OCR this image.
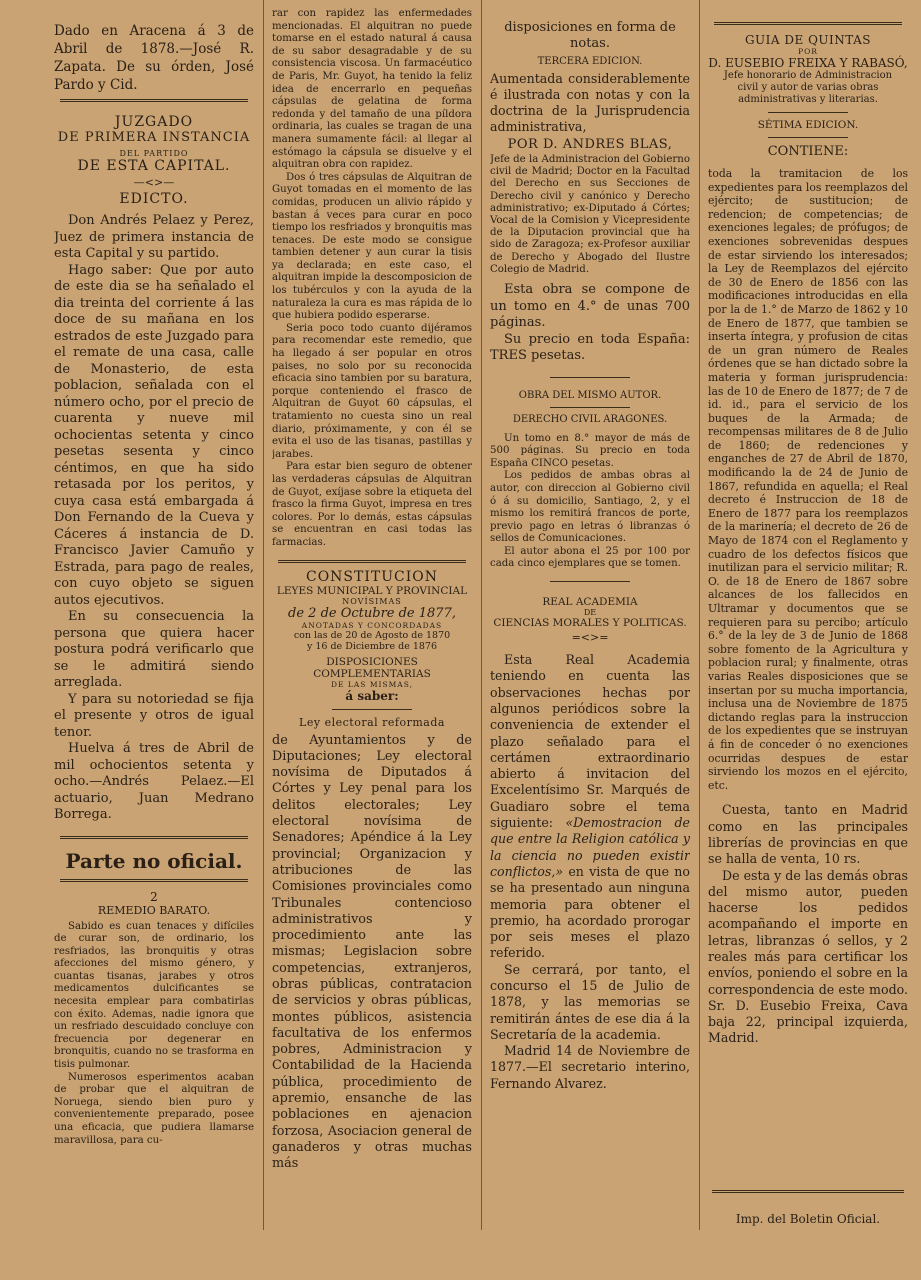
Dado en Aracena á 3 de Abril de 1878.—José R. Zapata. De su órden, José Pardo y Cid.

JUZGADO
DE PRIMERA INSTANCIA
DEL PARTIDO
DE ESTA CAPITAL.
—<>—
EDICTO.

Don Andrés Pelaez y Perez, Juez de primera instancia de esta Capital y su partido.

Hago saber: Que por auto de este dia se ha señalado el dia treinta del corriente á las doce de su mañana en los estrados de este Juzgado para el remate de una casa, calle de Monasterio, de esta poblacion, señalada con el número ocho, por el precio de cuarenta y nueve mil ochocientas setenta y cinco pesetas sesenta y cinco céntimos, en que ha sido retasada por los peritos, y cuya casa está embargada á Don Fernando de la Cueva y Cáceres á instancia de D. Francisco Javier Camuño y Estrada, para pago de reales, con cuyo objeto se siguen autos ejecutivos.

En su consecuencia la persona que quiera hacer postura podrá verificarlo que se le admitirá siendo arreglada.

Y para su notoriedad se fija el presente y otros de igual tenor.

Huelva á tres de Abril de mil ochocientos setenta y ocho.—Andrés Pelaez.—El actuario, Juan Medrano Borrega.

Parte no oficial.
2
REMEDIO BARATO.

Sabido es cuan tenaces y difíciles de curar son, de ordinario, los resfriados, las bronquitis y otras afecciones del mismo género, y cuantas tisanas, jarabes y otros medicamentos dulcificantes se necesita emplear para combatirlas con éxito. Ademas, nadie ignora que un resfriado descuidado concluye con frecuencia por degenerar en bronquitis, cuando no se trasforma en tisis pulmonar.

Numerosos esperimentos acaban de probar que el alquitran de Noruega, siendo bien puro y convenientemente preparado, posee una eficacia, que pudiera llamarse maravillosa, para cu-

rar con rapidez las enfermedades mencionadas. El alquitran no puede tomarse en el estado natural á causa de su sabor desagradable y de su consistencia viscosa. Un farmacéutico de Paris, Mr. Guyot, ha tenido la feliz idea de encerrarlo en pequeñas cápsulas de gelatina de forma redonda y del tamaño de una píldora ordinaria, las cuales se tragan de una manera sumamente fácil: al llegar al estómago la cápsula se disuelve y el alquitran obra con rapidez.

Dos ó tres cápsulas de Alquitran de Guyot tomadas en el momento de las comidas, producen un alivio rápido y bastan á veces para curar en poco tiempo los resfriados y bronquitis mas tenaces. De este modo se consigue tambien detener y aun curar la tisis ya declarada; en este caso, el alquitran impide la descomposicion de los tubérculos y con la ayuda de la naturaleza la cura es mas rápida de lo que hubiera podido esperarse.

Seria poco todo cuanto dijéramos para recomendar este remedio, que ha llegado á ser popular en otros paises, no solo por su reconocida eficacia sino tambien por su baratura, porque conteniendo el frasco de Alquitran de Guyot 60 cápsulas, el tratamiento no cuesta sino un real diario, próximamente, y con él se evita el uso de las tisanas, pastillas y jarabes.

Para estar bien seguro de obtener las verdaderas cápsulas de Alquitran de Guyot, exíjase sobre la etiqueta del frasco la firma Guyot, impresa en tres colores. Por lo demás, estas cápsulas se encuentran en casi todas las farmacias.

CONSTITUCION
LEYES MUNICIPAL Y PROVINCIAL
NOVÍSIMAS
de 2 de Octubre de 1877,
ANOTADAS Y CONCORDADAS
con las de 20 de Agosto de 1870 y 16 de Diciembre de 1876
DISPOSICIONES COMPLEMENTARIAS
DE LAS MISMAS,
á saber:
Ley electoral reformada

de Ayuntamientos y de Diputaciones; Ley electoral novísima de Diputados á Córtes y Ley penal para los delitos electorales; Ley electoral novísima de Senadores; Apéndice á la Ley provincial; Organizacion y atribuciones de las Comisiones provinciales como Tribunales contencioso administrativos y procedimiento ante las mismas; Legislacion sobre competencias, extranjeros, obras públicas, contratacion de servicios y obras públicas, montes públicos, asistencia facultativa de los enfermos pobres, Administracion y Contabilidad de la Hacienda pública, procedimiento de apremio, ensanche de las poblaciones en ajenacion forzosa, Asociacion general de ganaderos y otras muchas más

disposiciones en forma de notas.

TERCERA EDICION.

Aumentada considerablemente é ilustrada con notas y con la doctrina de la Jurisprudencia administrativa,

POR D. ANDRES BLAS,

Jefe de la Administracion del Gobierno civil de Madrid; Doctor en la Facultad del Derecho en sus Secciones de Derecho civil y canónico y Derecho administrativo; ex-Diputado á Córtes; Vocal de la Comision y Vicepresidente de la Diputacion provincial que ha sido de Zaragoza; ex-Profesor auxiliar de Derecho y Abogado del Ilustre Colegio de Madrid.

Esta obra se compone de un tomo en 4.° de unas 700 páginas.

Su precio en toda España: TRES pesetas.

OBRA DEL MISMO AUTOR.
DERECHO CIVIL ARAGONES.

Un tomo en 8.° mayor de más de 500 páginas. Su precio en toda España CINCO pesetas.

Los pedidos de ambas obras al autor, con direccion al Gobierno civil ó á su domicilio, Santiago, 2, y el mismo los remitirá francos de porte, previo pago en letras ó libranzas ó sellos de Comunicaciones.

El autor abona el 25 por 100 por cada cinco ejemplares que se tomen.

REAL ACADEMIA
DE
CIENCIAS MORALES Y POLITICAS.
=<>=

Esta Real Academia teniendo en cuenta las observaciones hechas por algunos periódicos sobre la conveniencia de extender el plazo señalado para el certámen extraordinario abierto á invitacion del Excelentísimo Sr. Marqués de Guadiaro sobre el tema siguiente: «Demostracion de que entre la Religion católica y la ciencia no pueden existir conflictos,» en vista de que no se ha presentado aun ninguna memoria para obtener el premio, ha acordado prorogar por seis meses el plazo referido.

Se cerrará, por tanto, el concurso el 15 de Julio de 1878, y las memorias se remitirán ántes de ese dia á la Secretaría de la academia.

Madrid 14 de Noviembre de 1877.—El secretario interino, Fernando Alvarez.

GUIA DE QUINTAS
POR
D. EUSEBIO FREIXA Y RABASÓ,

Jefe honorario de Administracion civil y autor de varias obras administrativas y literarias.

SÉTIMA EDICION.
CONTIENE:

toda la tramitacion de los expedientes para los reemplazos del ejército; de sustitucion; de redencion; de competencias; de exenciones legales; de prófugos; de exenciones sobrevenidas despues de estar sirviendo los interesados; la Ley de Reemplazos del ejército de 30 de Enero de 1856 con las modificaciones introducidas en ella por la de 1.° de Marzo de 1862 y 10 de Enero de 1877, que tambien se inserta íntegra, y profusion de citas de un gran número de Reales órdenes que se han dictado sobre la materia y forman jurisprudencia: las de 10 de Enero de 1877; de 7 de id. id., para el servicio de los buques de la Armada; de recompensas militares de 8 de Julio de 1860; de redenciones y enganches de 27 de Abril de 1870, modificando la de 24 de Junio de 1867, refundida en aquella; el Real decreto é Instruccion de 18 de Enero de 1877 para los reemplazos de la marinería; el decreto de 26 de Mayo de 1874 con el Reglamento y cuadro de los defectos físicos que inutilizan para el servicio militar; R. O. de 18 de Enero de 1867 sobre alcances de los fallecidos en Ultramar y documentos que se requieren para su percibo; artículo 6.° de la ley de 3 de Junio de 1868 sobre fomento de la Agricultura y poblacion rural; y finalmente, otras varias Reales disposiciones que se insertan por su mucha importancia, inclusa una de Noviembre de 1875 dictando reglas para la instruccion de los expedientes que se instruyan á fin de conceder ó no exenciones ocurridas despues de estar sirviendo los mozos en el ejército, etc.

Cuesta, tanto en Madrid como en las principales librerías de provincias en que se halla de venta, 10 rs.

De esta y de las demás obras del mismo autor, pueden hacerse los pedidos acompañando el importe en letras, libranzas ó sellos, y 2 reales más para certificar los envíos, poniendo el sobre en la correspondencia de este modo. Sr. D. Eusebio Freixa, Cava baja 22, principal izquierda, Madrid.

Imp. del Boletin Oficial.
